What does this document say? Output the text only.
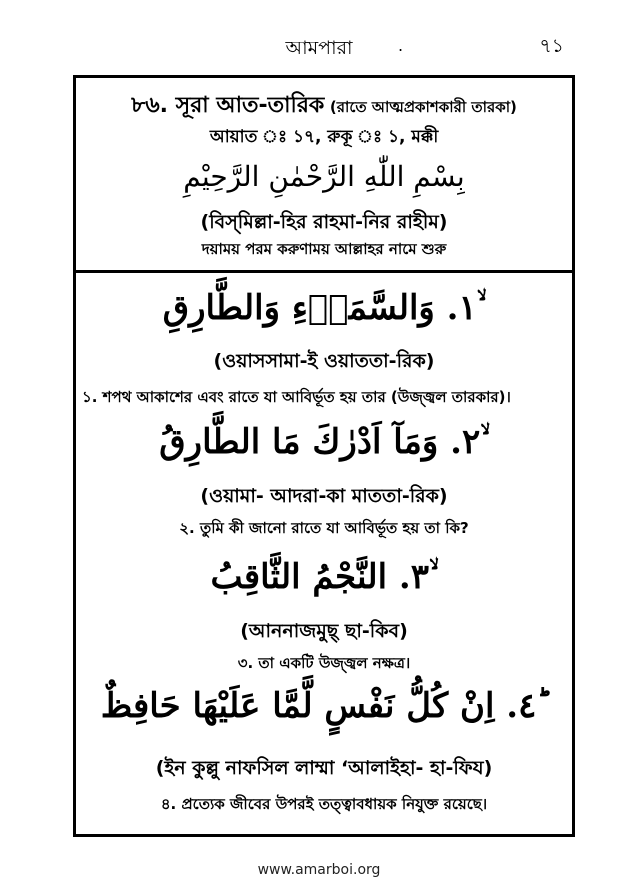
আমপারা	.	৭১
৮৬. সূরা আত-তারিক (রাতে আত্মপ্রকাশকারী তারকা)
আয়াত ঃ ১৭, রুকূ ঃ ১, মক্কী
بِسْمِ اللّٰهِ الرَّحْمٰنِ الرَّحِيْمِ
(বিস্‌মিল্লা-হির রাহমা-নির রাহীম)
দয়াময় পরম করুণাময় আল্লাহর নামে শুরু
١. وَالسَّمَاۤءِ وَالطَّارِقِ ۙ
(ওয়াসসামা-ই ওয়াততা-রিক)
১. শপথ আকাশের এবং রাতে যা আবির্ভূত হয় তার (উজ্জ্বল তারকার)।
٢. وَمَآ اَدْرٰكَ مَا الطَّارِقُ ۙ
(ওয়ামা- আদরা-কা মাততা-রিক)
২. তুমি কী জানো রাতে যা আবির্ভূত হয় তা কি?
٣. النَّجْمُ الثَّاقِبُ ۙ
(আননাজমুছ্‌ ছা-কিব)
৩. তা একটি উজ্জ্বল নক্ষত্র।
٤. اِنْ كُلُّ نَفْسٍ لَّمَّا عَلَيْهَا حَافِظٌ ؕ
(ইন কুল্লু নাফসিল লাম্মা ‘আলাইহা- হা-ফিয)
৪. প্রত্যেক জীবের উপরই তত্ত্বাবধায়ক নিযুক্ত রয়েছে।
www.amarboi.org
